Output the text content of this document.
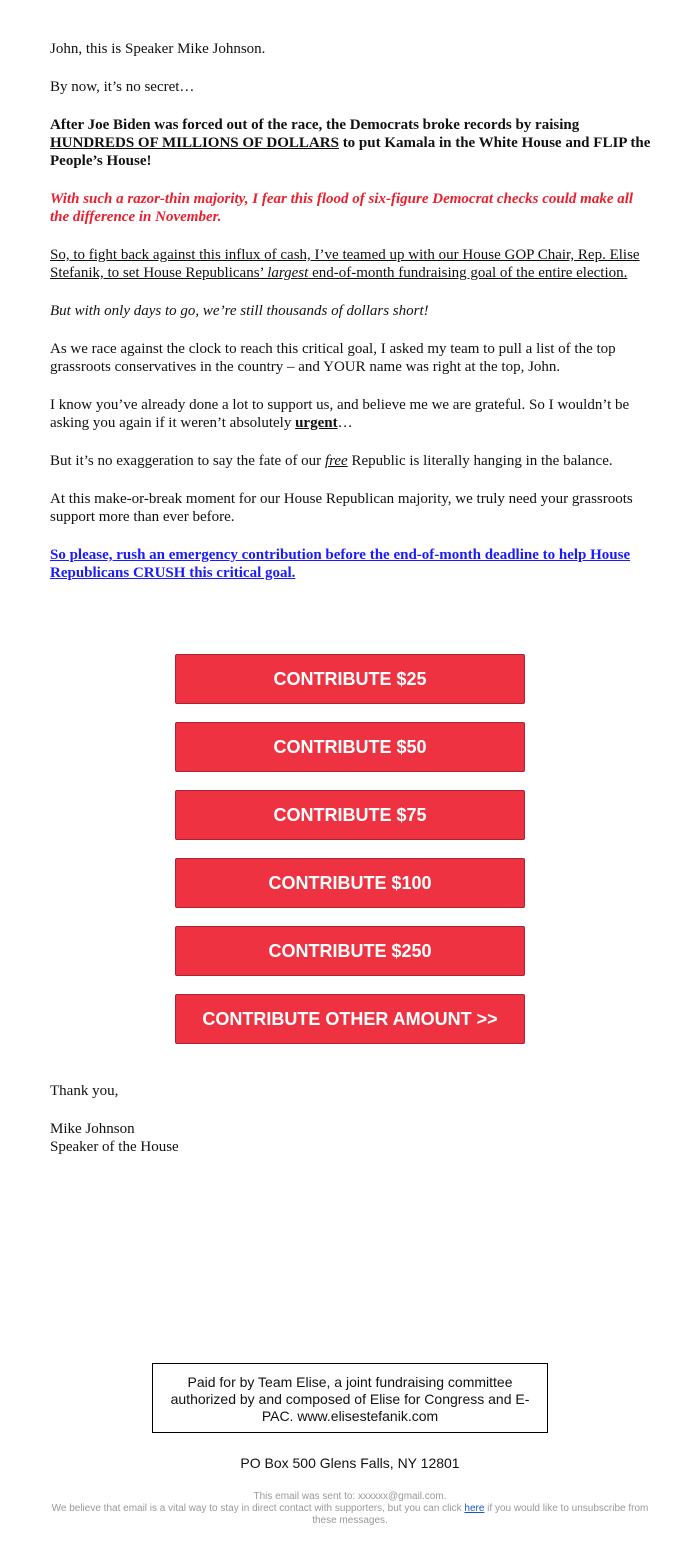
John, this is Speaker Mike Johnson.

By now, it’s no secret…

After Joe Biden was forced out of the race, the Democrats broke records by raising HUNDREDS OF MILLIONS OF DOLLARS to put Kamala in the White House and FLIP the People’s House!

With such a razor-thin majority, I fear this flood of six-figure Democrat checks could make all the difference in November.

So, to fight back against this influx of cash, I’ve teamed up with our House GOP Chair, Rep. Elise Stefanik, to set House Republicans’ largest end-of-month fundraising goal of the entire election.

But with only days to go, we’re still thousands of dollars short!

As we race against the clock to reach this critical goal, I asked my team to pull a list of the top grassroots conservatives in the country – and YOUR name was right at the top, John.

I know you’ve already done a lot to support us, and believe me we are grateful. So I wouldn’t be asking you again if it weren’t absolutely urgent…

But it’s no exaggeration to say the fate of our free Republic is literally hanging in the balance.

At this make-or-break moment for our House Republican majority, we truly need your grassroots support more than ever before.

So please, rush an emergency contribution before the end-of-month deadline to help House Republicans CRUSH this critical goal.

CONTRIBUTE $25
CONTRIBUTE $50
CONTRIBUTE $75
CONTRIBUTE $100
CONTRIBUTE $250
CONTRIBUTE OTHER AMOUNT >>

Thank you,

Mike Johnson
Speaker of the House
Paid for by Team Elise, a joint fundraising committee authorized by and composed of Elise for Congress and E-PAC. www.elisestefanik.com
PO Box 500 Glens Falls, NY 12801
This email was sent to: xxxxxx@gmail.com.
We believe that email is a vital way to stay in direct contact with supporters, but you can click here if you would like to unsubscribe from these messages.
